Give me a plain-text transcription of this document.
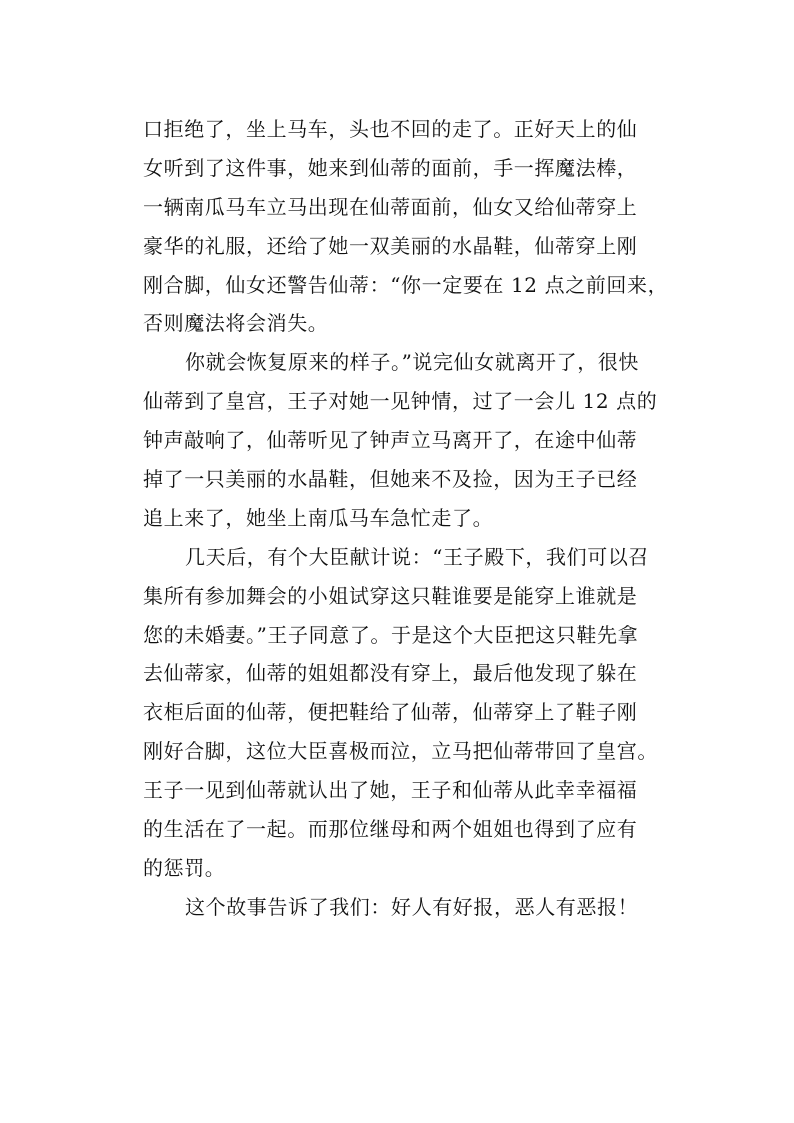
口拒绝了，坐上马车，头也不回的走了。正好天上的仙
女听到了这件事，她来到仙蒂的面前，手一挥魔法棒，
一辆南瓜马车立马出现在仙蒂面前，仙女又给仙蒂穿上
豪华的礼服，还给了她一双美丽的水晶鞋，仙蒂穿上刚
刚合脚，仙女还警告仙蒂：“你一定要在 12 点之前回来，
否则魔法将会消失。
你就会恢复原来的样子。”说完仙女就离开了，很快
仙蒂到了皇宫，王子对她一见钟情，过了一会儿 12 点的
钟声敲响了，仙蒂听见了钟声立马离开了，在途中仙蒂
掉了一只美丽的水晶鞋，但她来不及捡，因为王子已经
追上来了，她坐上南瓜马车急忙走了。
几天后，有个大臣献计说：“王子殿下，我们可以召
集所有参加舞会的小姐试穿这只鞋谁要是能穿上谁就是
您的未婚妻。”王子同意了。于是这个大臣把这只鞋先拿
去仙蒂家，仙蒂的姐姐都没有穿上，最后他发现了躲在
衣柜后面的仙蒂，便把鞋给了仙蒂，仙蒂穿上了鞋子刚
刚好合脚，这位大臣喜极而泣，立马把仙蒂带回了皇宫。
王子一见到仙蒂就认出了她，王子和仙蒂从此幸幸福福
的生活在了一起。而那位继母和两个姐姐也得到了应有
的惩罚。
这个故事告诉了我们：好人有好报，恶人有恶报！
